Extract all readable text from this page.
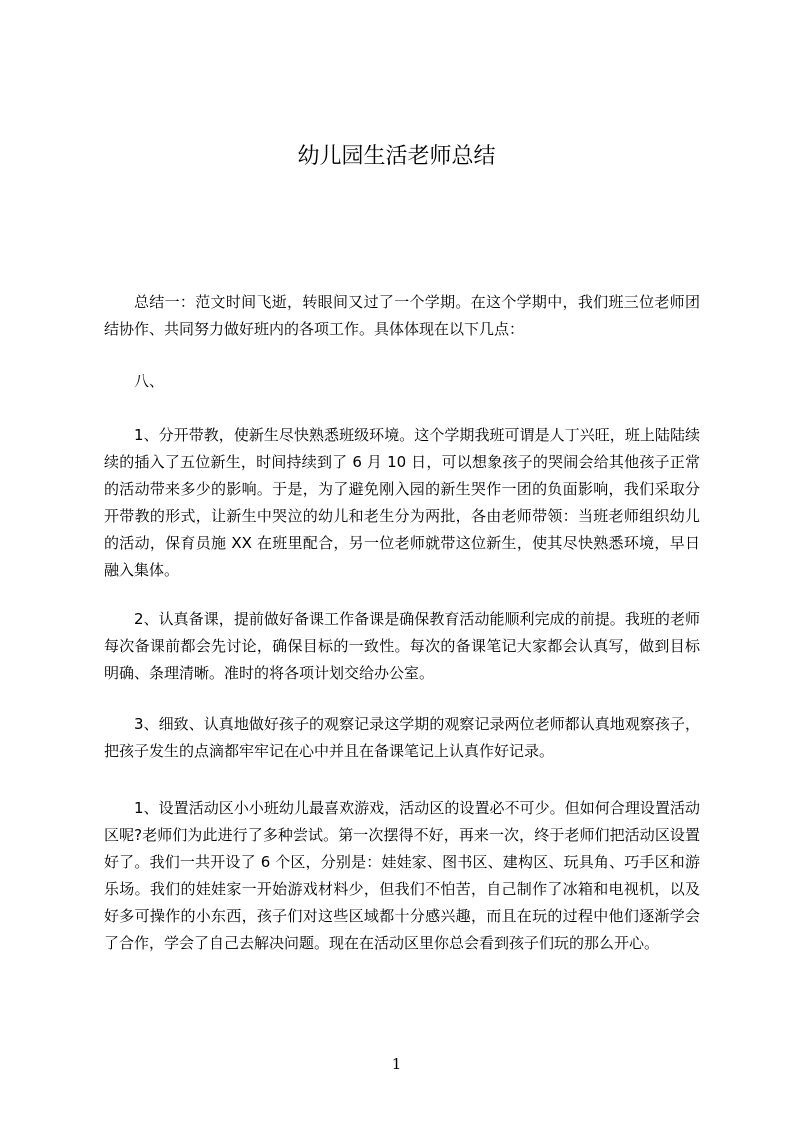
幼儿园生活老师总结

总结一：范文时间飞逝，转眼间又过了一个学期。在这个学期中，我们班三位老师团结协作、共同努力做好班内的各项工作。具体体现在以下几点：

八、

1、分开带教，使新生尽快熟悉班级环境。这个学期我班可谓是人丁兴旺，班上陆陆续续的插入了五位新生，时间持续到了 6 月 10 日，可以想象孩子的哭闹会给其他孩子正常的活动带来多少的影响。于是，为了避免刚入园的新生哭作一团的负面影响，我们采取分开带教的形式，让新生中哭泣的幼儿和老生分为两批，各由老师带领：当班老师组织幼儿的活动，保育员施 XX 在班里配合，另一位老师就带这位新生，使其尽快熟悉环境，早日融入集体。

2、认真备课，提前做好备课工作备课是确保教育活动能顺利完成的前提。我班的老师每次备课前都会先讨论，确保目标的一致性。每次的备课笔记大家都会认真写，做到目标明确、条理清晰。准时的将各项计划交给办公室。

3、细致、认真地做好孩子的观察记录这学期的观察记录两位老师都认真地观察孩子，把孩子发生的点滴都牢牢记在心中并且在备课笔记上认真作好记录。

1、设置活动区小小班幼儿最喜欢游戏，活动区的设置必不可少。但如何合理设置活动区呢?老师们为此进行了多种尝试。第一次摆得不好，再来一次，终于老师们把活动区设置好了。我们一共开设了 6 个区，分别是：娃娃家、图书区、建构区、玩具角、巧手区和游乐场。我们的娃娃家一开始游戏材料少，但我们不怕苦，自己制作了冰箱和电视机，以及好多可操作的小东西，孩子们对这些区域都十分感兴趣，而且在玩的过程中他们逐渐学会了合作，学会了自己去解决问题。现在在活动区里你总会看到孩子们玩的那么开心。

1
